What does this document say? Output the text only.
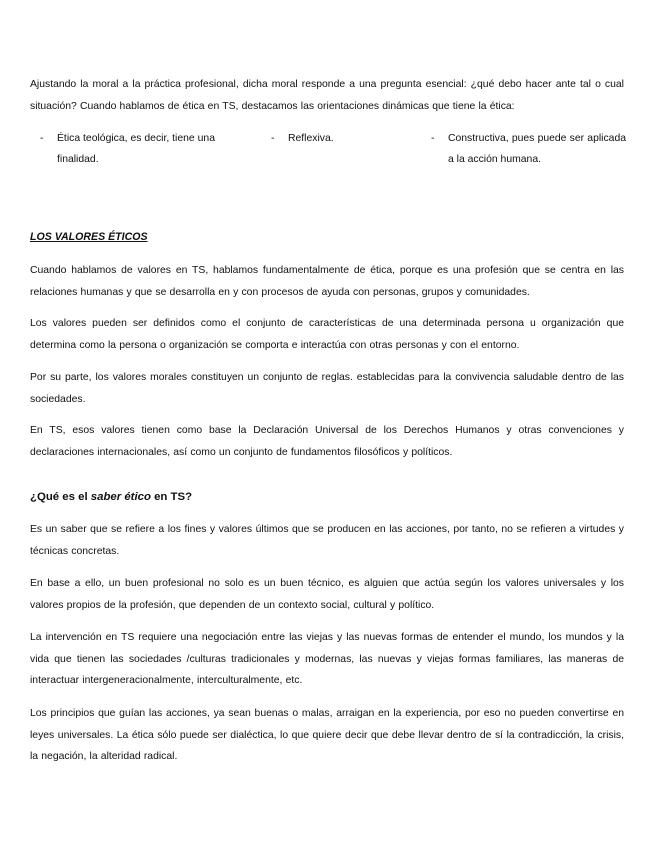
Ajustando la moral a la práctica profesional, dicha moral responde a una pregunta esencial: ¿qué debo hacer ante tal o cual situación? Cuando hablamos de ética en TS, destacamos las orientaciones dinámicas que tiene la ética:

- Ética teológica, es decir, tiene una finalidad.
- Reflexiva.	- Constructiva, pues puede ser aplicada a la acción humana.
LOS VALORES ÉTICOS

Cuando hablamos de valores en TS, hablamos fundamentalmente de ética, porque es una profesión que se centra en las relaciones humanas y que se desarrolla en y con procesos de ayuda con personas, grupos y comunidades.

Los valores pueden ser definidos como el conjunto de características de una determinada persona u organización que determina como la persona o organización se comporta e interactúa con otras personas y con el entorno.

Por su parte, los valores morales constituyen un conjunto de reglas. establecidas para la convivencia saludable dentro de las sociedades.

En TS, esos valores tienen como base la Declaración Universal de los Derechos Humanos y otras convenciones y declaraciones internacionales, así como un conjunto de fundamentos filosóficos y políticos.

¿Qué es el saber ético en TS?

Es un saber que se refiere a los fines y valores últimos que se producen en las acciones, por tanto, no se refieren a virtudes y técnicas concretas.

En base a ello, un buen profesional no solo es un buen técnico, es alguien que actúa según los valores universales y los valores propios de la profesión, que dependen de un contexto social, cultural y político.

La intervención en TS requiere una negociación entre las viejas y las nuevas formas de entender el mundo, los mundos y la vida que tienen las sociedades /culturas tradicionales y modernas, las nuevas y viejas formas familiares, las maneras de interactuar intergeneracionalmente, interculturalmente, etc.

Los principios que guían las acciones, ya sean buenas o malas, arraigan en la experiencia, por eso no pueden convertirse en leyes universales. La ética sólo puede ser dialéctica, lo que quiere decir que debe llevar dentro de sí la contradicción, la crisis, la negación, la alteridad radical.
